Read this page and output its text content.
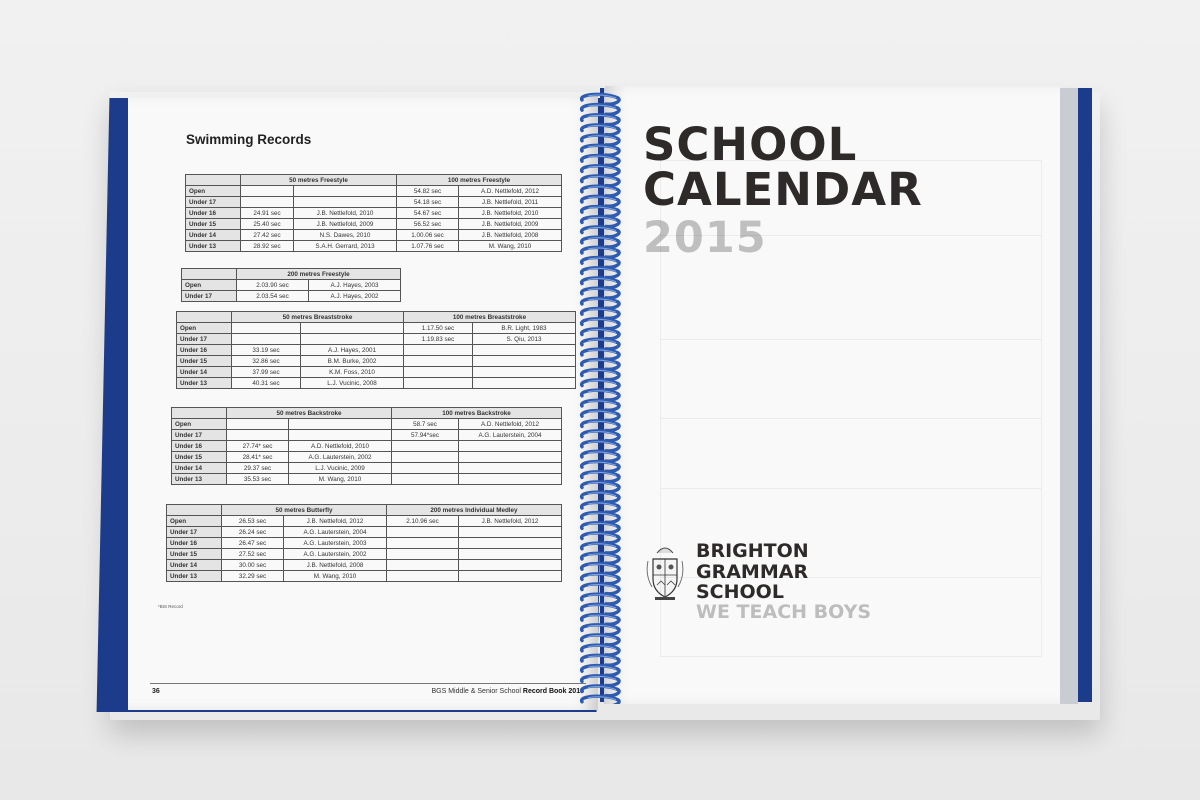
Swimming Records
	50 metres Freestyle		100 metres Freestyle	
Open			54.82 sec	A.D. Nettlefold, 2012
Under 17			54.18 sec	J.B. Nettlefold, 2011
Under 16	24.91 sec	J.B. Nettlefold, 2010	54.67 sec	J.B. Nettlefold, 2010
Under 15	25.40 sec	J.B. Nettlefold, 2009	56.52 sec	J.B. Nettlefold, 2009
Under 14	27.42 sec	N.S. Dawes, 2010	1.00.06 sec	J.B. Nettlefold, 2008
Under 13	28.92 sec	S.A.H. Gerrard, 2013	1.07.76 sec	M. Wang, 2010
	200 metres Freestyle	
Open	2.03.90 sec	A.J. Hayes, 2003
Under 17	2.03.54 sec	A.J. Hayes, 2002
	50 metres Breaststroke		100 metres Breaststroke	
Open			1.17.50 sec	B.R. Light, 1983
Under 17			1.19.83 sec	S. Qiu, 2013
Under 16	33.19 sec	A.J. Hayes, 2001		
Under 15	32.86 sec	B.M. Burke, 2002		
Under 14	37.99 sec	K.M. Foss, 2010		
Under 13	40.31 sec	L.J. Vucinic, 2008		
	50 metres Backstroke		100 metres Backstroke	
Open			58.7 sec	A.D. Nettlefold, 2012
Under 17			57.94*sec	A.G. Lauterstein, 2004
Under 16	27.74* sec	A.D. Nettlefold, 2010		
Under 15	28.41* sec	A.G. Lauterstein, 2002		
Under 14	29.37 sec	L.J. Vucinic, 2009		
Under 13	35.53 sec	M. Wang, 2010		
	50 metres Butterfly		200 metres Individual Medley	
Open	26.53 sec	J.B. Nettlefold, 2012	2.10.96 sec	J.B. Nettlefold, 2012
Under 17	26.24 sec	A.G. Lauterstein, 2004		
Under 16	26.47 sec	A.G. Lauterstein, 2003		
Under 15	27.52 sec	A.G. Lauterstein, 2002		
Under 14	30.00 sec	J.B. Nettlefold, 2008		
Under 13	32.29 sec	M. Wang, 2010		
*BIS Record
36	BGS Middle & Senior School Record Book 2015
SCHOOL
CALENDAR
2015
BRIGHTON
GRAMMAR
SCHOOL
WE TEACH BOYS
